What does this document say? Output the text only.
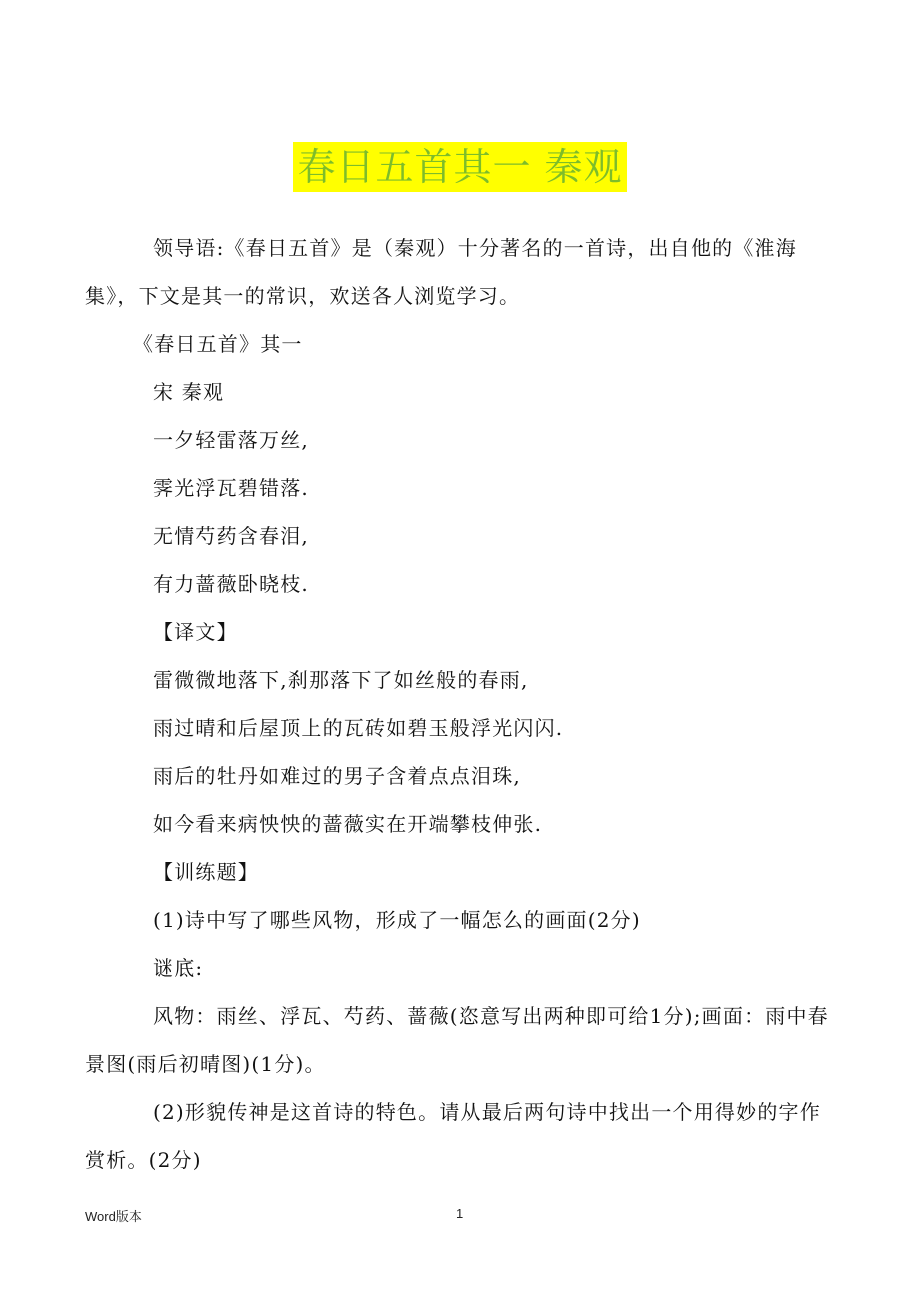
春日五首其一 秦观

领导语:《春日五首》是（秦观）十分著名的一首诗，出自他的《淮海集》，下文是其一的常识，欢送各人浏览学习。

《春日五首》其一

宋 秦观

一夕轻雷落万丝,

霁光浮瓦碧错落.

无情芍药含春泪,

有力蔷薇卧晓枝.

【译文】

雷微微地落下,刹那落下了如丝般的春雨,

雨过晴和后屋顶上的瓦砖如碧玉般浮光闪闪.

雨后的牡丹如难过的男子含着点点泪珠,

如今看来病怏怏的蔷薇实在开端攀枝伸张.

【训练题】

(1)诗中写了哪些风物，形成了一幅怎么的画面(2分)

谜底:

风物：雨丝、浮瓦、芍药、蔷薇(恣意写出两种即可给1分);画面：雨中春景图(雨后初晴图)(1分)。

(2)形貌传神是这首诗的特色。请从最后两句诗中找出一个用得妙的字作赏析。(2分)

Word版本	1
